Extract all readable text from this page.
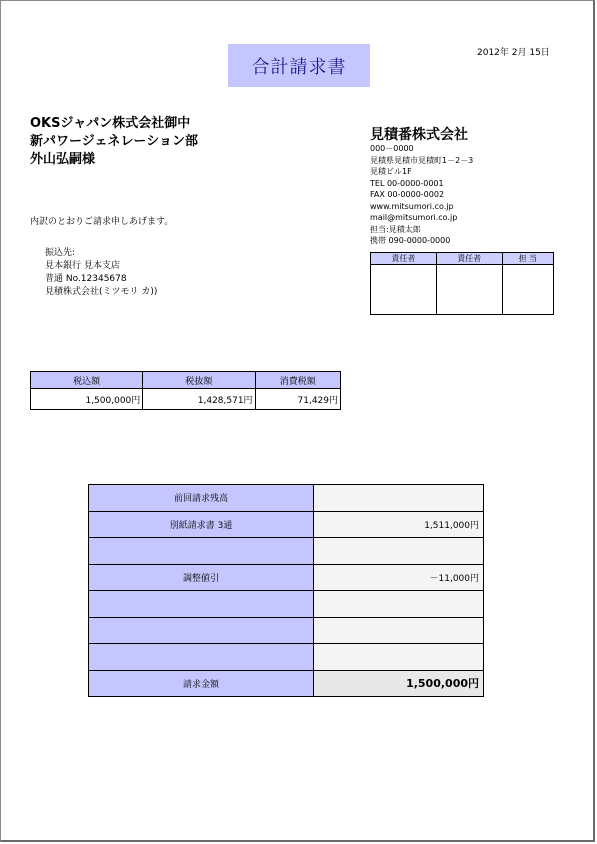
合計請求書
2012年 2月 15日
OKSジャパン株式会社御中
新パワージェネレーション部
外山弘嗣様
見積番株式会社
000－0000
見積県見積市見積町1－2－3
見積ビル1F
TEL 00-0000-0001
FAX 00-0000-0002
www.mitsumori.co.jp
mail@mitsumori.co.jp
担当:見積太郎
携帯 090-0000-0000
責任者	責任者	担 当

内訳のとおりご請求申しあげます。
振込先:
見本銀行 見本支店
普通 No.12345678
見積株式会社(ミツモリ カ))
税込額	税抜額	消費税額
1,500,000円	1,428,571円	71,429円
前回請求残高	
別紙請求書 3通	1,511,000円

調整値引	－11,000円

請求金額	1,500,000円
